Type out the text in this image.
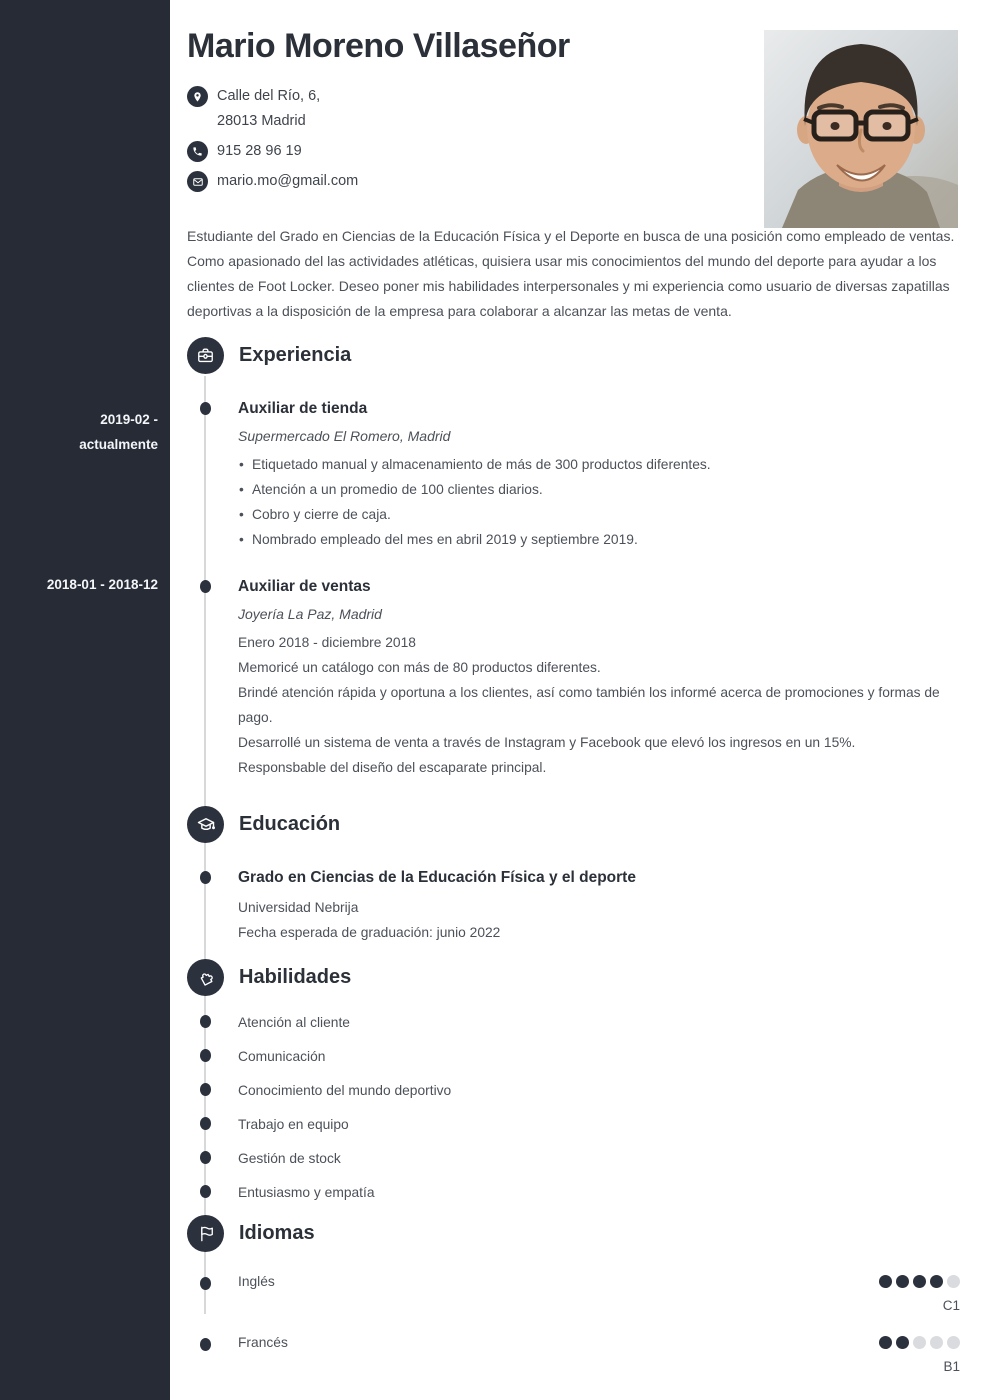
2019-02 -
actualmente
2018-01 - 2018-12
Mario Moreno Villaseñor
Calle del Río, 6,
28013 Madrid
915 28 96 19
mario.mo@gmail.com

Estudiante del Grado en Ciencias de la Educación Física y el Deporte en busca de una posición como empleado de ventas. Como apasionado del las actividades atléticas, quisiera usar mis conocimientos del mundo del deporte para ayudar a los clientes de Foot Locker. Deseo poner mis habilidades interpersonales y mi experiencia como usuario de diversas zapatillas deportivas a la disposición de la empresa para colaborar a alcanzar las metas de venta.

Experiencia
Auxiliar de tienda
Supermercado El Romero, Madrid
• Etiquetado manual y almacenamiento de más de 300 productos diferentes.
• Atención a un promedio de 100 clientes diarios.
• Cobro y cierre de caja.
• Nombrado empleado del mes en abril 2019 y septiembre 2019.
Auxiliar de ventas
Joyería La Paz, Madrid

Enero 2018 - diciembre 2018

Memoricé un catálogo con más de 80 productos diferentes.

Brindé atención rápida y oportuna a los clientes, así como también los informé acerca de promociones y formas de pago.

Desarrollé un sistema de venta a través de Instagram y Facebook que elevó los ingresos en un 15%.

Responsbable del diseño del escaparate principal.

Educación
Grado en Ciencias de la Educación Física y el deporte

Universidad Nebrija

Fecha esperada de graduación: junio 2022

Habilidades
Atención al cliente
Comunicación
Conocimiento del mundo deportivo
Trabajo en equipo
Gestión de stock
Entusiasmo y empatía
Idiomas
Inglés
C1
Francés
B1
